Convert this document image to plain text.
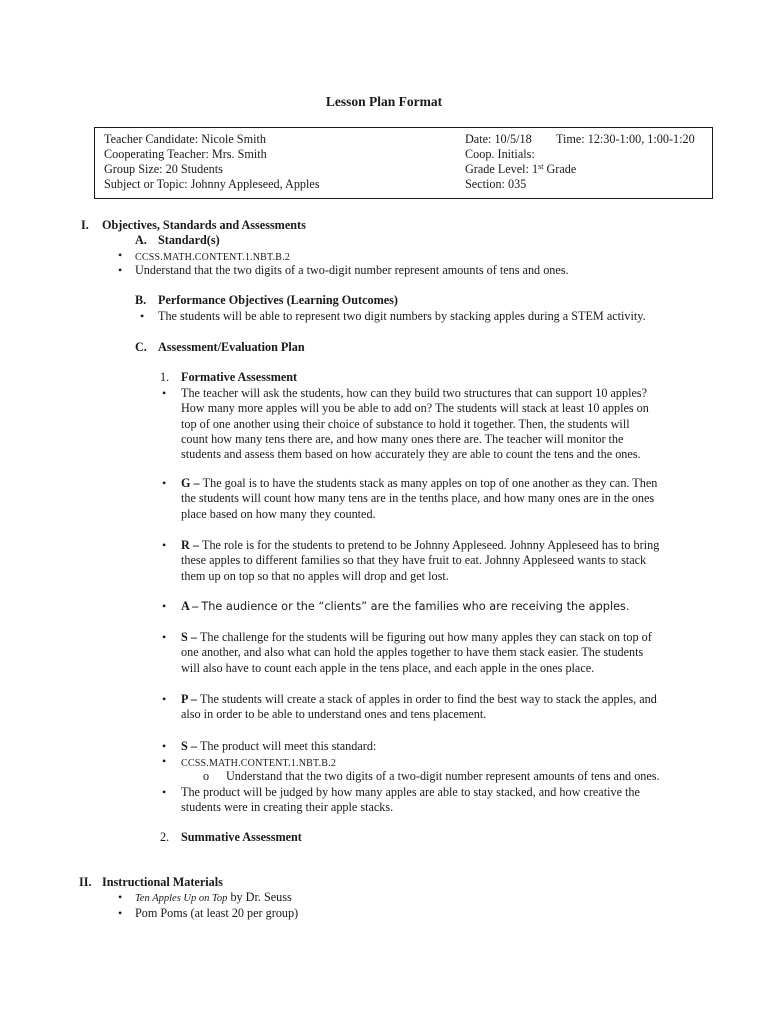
Lesson Plan Format
Teacher Candidate: Nicole Smith
Cooperating Teacher: Mrs. Smith
Group Size: 20 Students
Subject or Topic: Johnny Appleseed, Apples
Date: 10/5/18 Time: 12:30-1:00, 1:00-1:20
Coop. Initials:
Grade Level: 1st Grade
Section: 035
I. Objectives, Standards and Assessments
A. Standard(s)
• CCSS.MATH.CONTENT.1.NBT.B.2
• Understand that the two digits of a two-digit number represent amounts of tens and ones.
B. Performance Objectives (Learning Outcomes)
• The students will be able to represent two digit numbers by stacking apples during a STEM activity.
C. Assessment/Evaluation Plan
1. Formative Assessment
• The teacher will ask the students, how can they build two structures that can support 10 apples?
How many more apples will you be able to add on? The students will stack at least 10 apples on
top of one another using their choice of substance to hold it together. Then, the students will
count how many tens there are, and how many ones there are. The teacher will monitor the
students and assess them based on how accurately they are able to count the tens and the ones.
• G – The goal is to have the students stack as many apples on top of one another as they can. Then
the students will count how many tens are in the tenths place, and how many ones are in the ones
place based on how many they counted.
• R – The role is for the students to pretend to be Johnny Appleseed. Johnny Appleseed has to bring
these apples to different families so that they have fruit to eat. Johnny Appleseed wants to stack
them up on top so that no apples will drop and get lost.
• A – The audience or the “clients” are the families who are receiving the apples.
• S – The challenge for the students will be figuring out how many apples they can stack on top of
one another, and also what can hold the apples together to have them stack easier. The students
will also have to count each apple in the tens place, and each apple in the ones place.
• P – The students will create a stack of apples in order to find the best way to stack the apples, and
also in order to be able to understand ones and tens placement.
• S – The product will meet this standard:
• CCSS.MATH.CONTENT.1.NBT.B.2
o Understand that the two digits of a two-digit number represent amounts of tens and ones.
• The product will be judged by how many apples are able to stay stacked, and how creative the
students were in creating their apple stacks.
2. Summative Assessment
II. Instructional Materials
• Ten Apples Up on Top by Dr. Seuss
• Pom Poms (at least 20 per group)
